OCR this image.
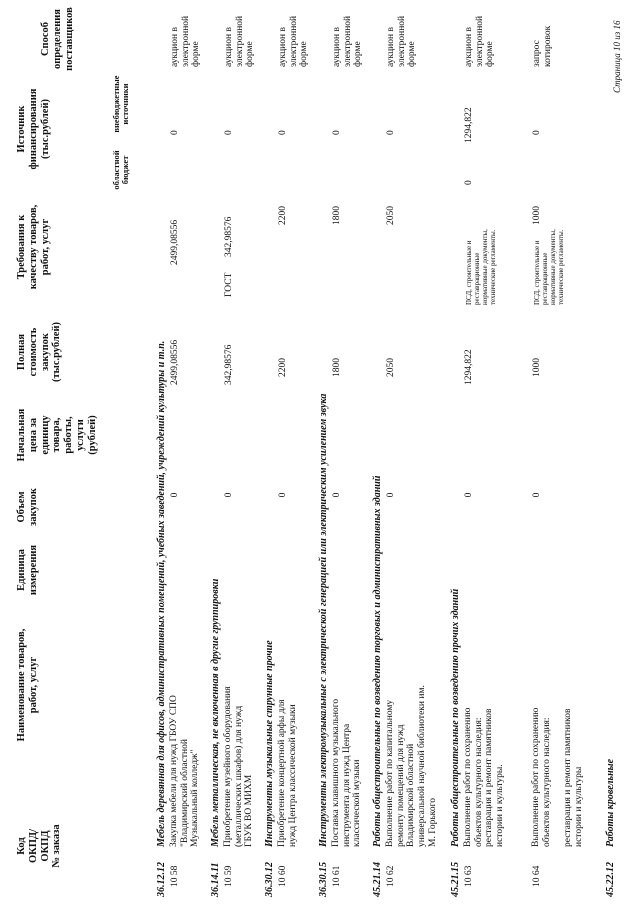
Код
ОКПД/
ОКПД
№ заказа
Наименование товаров,
работ, услуг
Единица
измерения
Объем
закупок
Начальная
цена за
единицу
товара,
работы,
услуги
(рублей)
Полная
стоимость
закупок
(тыс.рублей)
Требования к
качеству товаров,
работ, услуг
Источник
финансирования
(тыс.рублей)
областной
бюджет
внебюджетные
источники
Способ
определения
поставщиков
36.12.12
Мебель деревянная для офисов, административных помещений, учебных заведений, учреждений культуры и т.п.
10 58
Закупка мебели для нужд ГБОУ СПО
"Владимирский областной
Музыкальный колледж"
0
2499,08556
2499,08556
0
аукцион в
электронной
форме
36.14.11
Мебель металлическая, не включенная в другие группировки
10 59
Приобретение музейного оборудования
(металлических шкафов) для нужд
ГБУК ВО МИХМ
0
342,98576
ГОСТ
342,98576
0
аукцион в
электронной
форме
36.30.12
Инструменты музыкальные струнные прочие
10 60
Приобретение концертной арфы для
нужд Центра классической музыки
0
2200
2200
0
аукцион в
электронной
форме
36.30.15
Инструменты электромузыкальные с электрической генерацией или электрическим усилением звука
10 61
Поставка клавишного музыкального
инструмента для нужд Центра
классической музыки
0
1800
1800
0
аукцион в
электронной
форме
45.21.14
Работы общестроительные по возведению торговых и административных зданий
10 62
Выполнение работ по капитальному
ремонту помещений для нужд
Владимирской областной
универсальной научной библиотеки им.
М. Горького
0
2050
2050
0
аукцион в
электронной
форме
45.21.15
Работы общестроительные по возведению прочих зданий
10 63
Выполнение работ по сохранению
объектов культурного наследия:
реставрация и ремонт памятников
истории и культуры.
0
1294,822
ПСД, строительные и
реставрационные
нормативные документы,
технические регламенты.
0
1294,822
аукцион в
электронной
форме
10 64
Выполнение работ по сохранению
объектов культурного наследия:

реставрация и ремонт памятников
истории и культуры
0
1000
ПСД, строительные и
реставрационные
нормативные документы,
технические регламенты.
1000
0
запрос
котировок
45.22.12
Работы кровельные
Страница 10 из 16
